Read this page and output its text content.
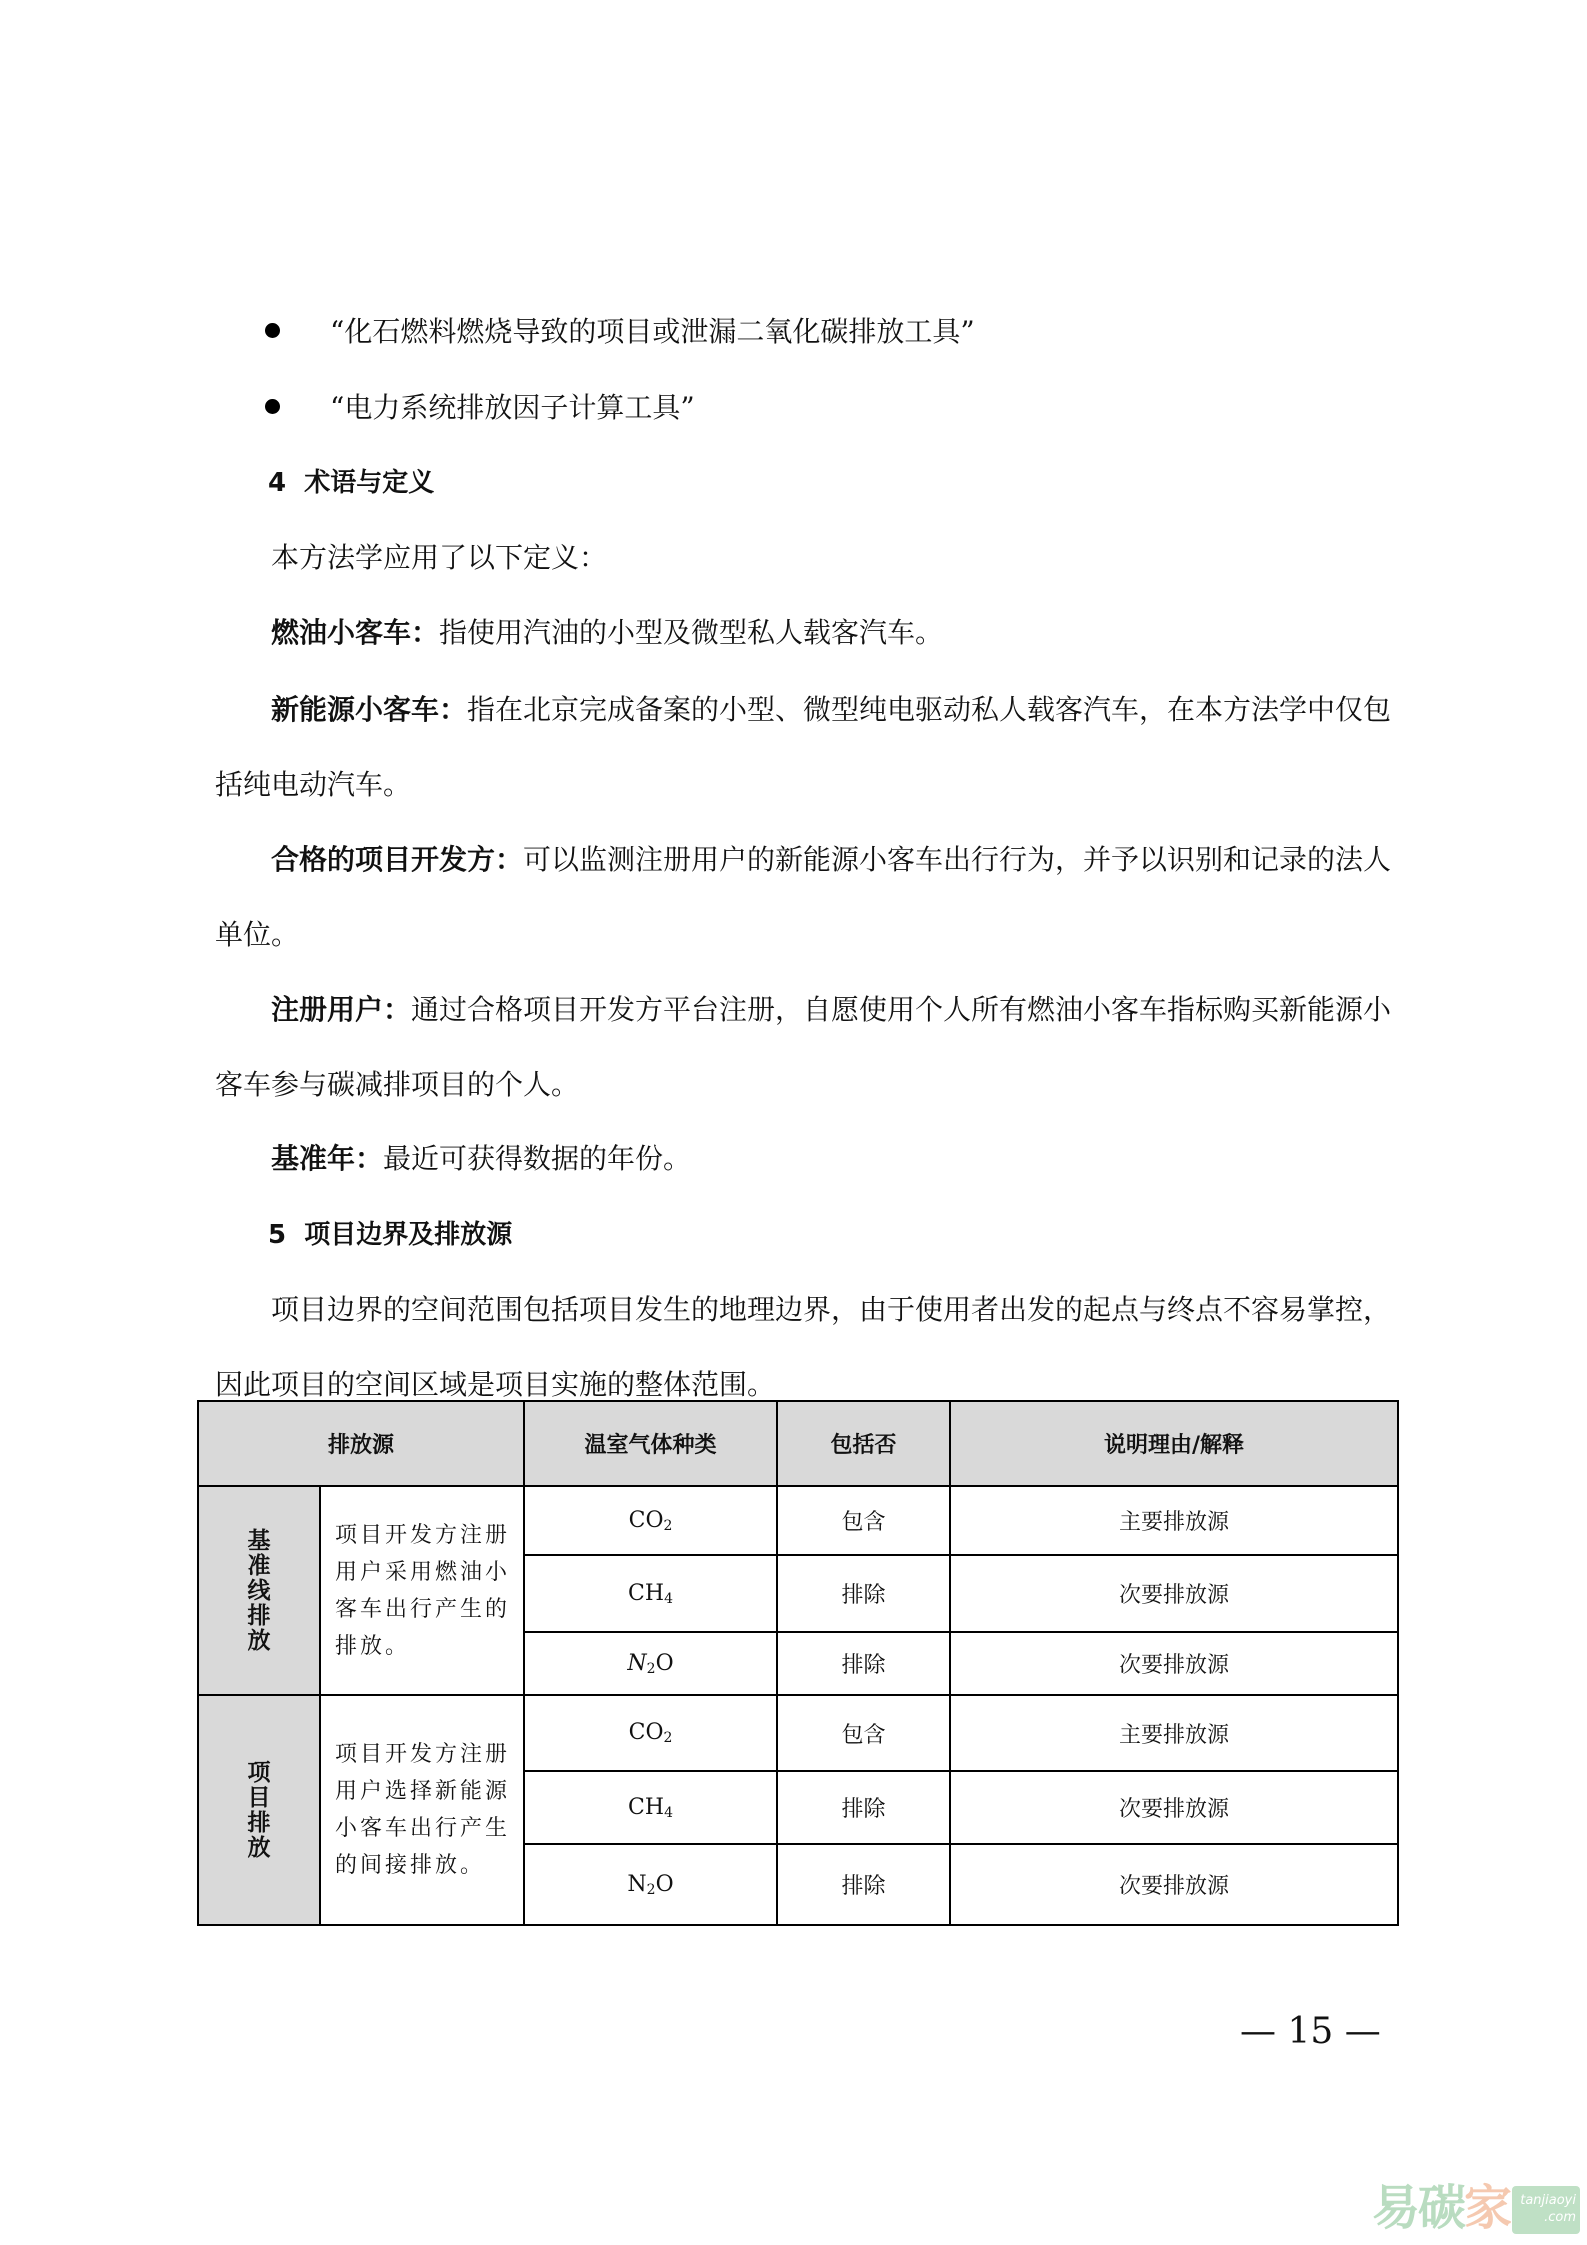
“化石燃料燃烧导致的项目或泄漏二氧化碳排放工具”
“电力系统排放因子计算工具”
4  术语与定义
本方法学应用了以下定义：
燃油小客车：指使用汽油的小型及微型私人载客汽车。
新能源小客车：指在北京完成备案的小型、微型纯电驱动私人载客汽车，在本方法学中仅包
括纯电动汽车。
合格的项目开发方：可以监测注册用户的新能源小客车出行行为，并予以识别和记录的法人
单位。
注册用户：通过合格项目开发方平台注册，自愿使用个人所有燃油小客车指标购买新能源小
客车参与碳减排项目的个人。
基准年：最近可获得数据的年份。
5  项目边界及排放源
项目边界的空间范围包括项目发生的地理边界，由于使用者出发的起点与终点不容易掌控，
因此项目的空间区域是项目实施的整体范围。
排放源		温室气体种类	包括否	说明理由/解释
基准线排放	项目开发方注册用户采用燃油小客车出行产生的排放。	$CO_2$	包含	主要排放源
		$CH_4$	排除	次要排放源
		$N_2O$	排除	次要排放源
项目排放	项目开发方注册用户选择新能源小客车出行产生的间接排放。	$CO_2$	包含	主要排放源
		$CH_4$	排除	次要排放源
		$N_2O$	排除	次要排放源
— 15 —
易
碳
家 tanjiaoyi
.com
